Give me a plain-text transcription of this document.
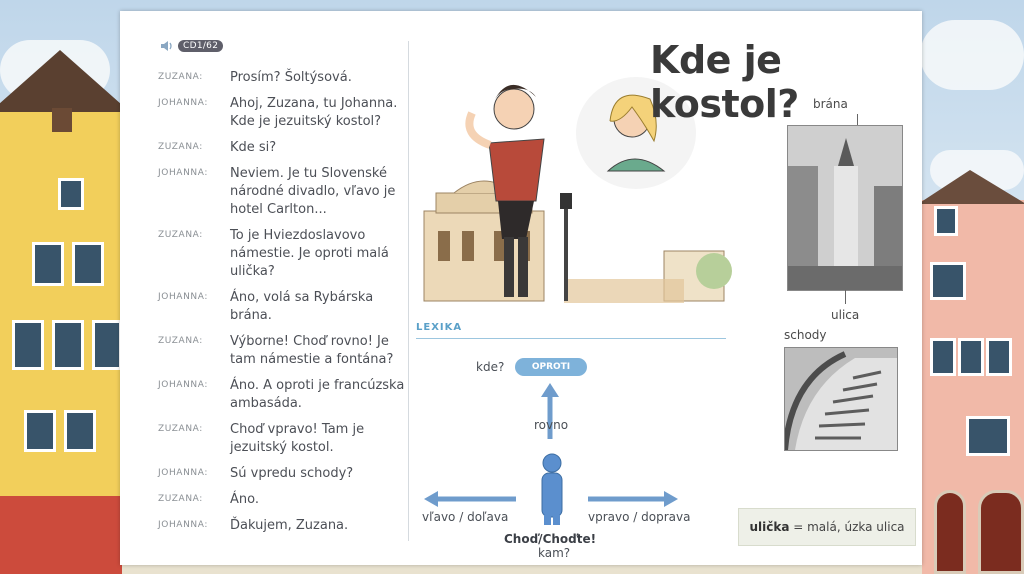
CD1/62
ZUZANA:	Prosím? Šoltýsová.
JOHANNA:	Ahoj, Zuzana, tu Johanna. Kde je jezuitský kostol?
ZUZANA:	Kde si?
JOHANNA:	Neviem. Je tu Slovenské národné divadlo, vľavo je hotel Carlton...
ZUZANA:	To je Hviezdoslavovo námestie. Je oproti malá ulička?
JOHANNA:	Áno, volá sa Rybárska brána.
ZUZANA:	Výborne! Choď rovno! Je tam námestie a fontána?
JOHANNA:	Áno. A oproti je francúzska ambasáda.
ZUZANA:	Choď vpravo! Tam je jezuitský kostol.
JOHANNA:	Sú vpredu schody?
ZUZANA:	Áno.
JOHANNA:	Ďakujem, Zuzana.
Kde je kostol?	brána
ulica
schody
LEXIKA
kde?	OPROTI
rovno
vľavo / doľava	vpravo / doprava
Choď/Choďte!
kam?
ulička = malá, úzka ulica
